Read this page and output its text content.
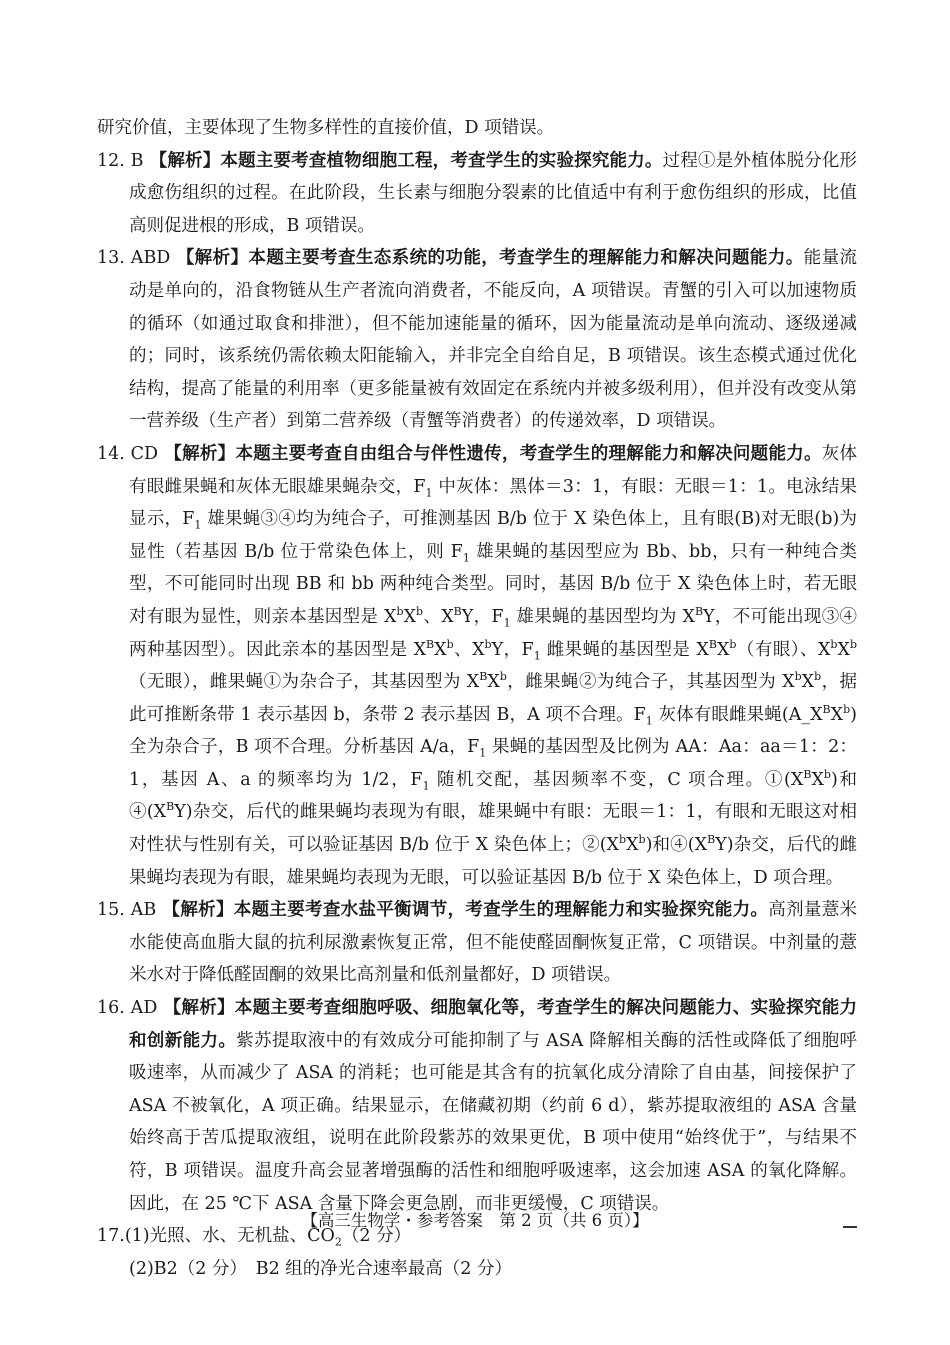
研究价值，主要体现了生物多样性的直接价值，D 项错误。

12. B 【解析】本题主要考查植物细胞工程，考查学生的实验探究能力。过程①是外植体脱分化形成愈伤组织的过程。在此阶段，生长素与细胞分裂素的比值适中有利于愈伤组织的形成，比值高则促进根的形成，B 项错误。

13. ABD 【解析】本题主要考查生态系统的功能，考查学生的理解能力和解决问题能力。能量流动是单向的，沿食物链从生产者流向消费者，不能反向，A 项错误。青蟹的引入可以加速物质的循环（如通过取食和排泄），但不能加速能量的循环，因为能量流动是单向流动、逐级递减的；同时，该系统仍需依赖太阳能输入，并非完全自给自足，B 项错误。该生态模式通过优化结构，提高了能量的利用率（更多能量被有效固定在系统内并被多级利用），但并没有改变从第一营养级（生产者）到第二营养级（青蟹等消费者）的传递效率，D 项错误。

14. CD 【解析】本题主要考查自由组合与伴性遗传，考查学生的理解能力和解决问题能力。灰体有眼雌果蝇和灰体无眼雄果蝇杂交，$F_1$ 中灰体：黑体＝3：1，有眼：无眼＝1：1。电泳结果显示，$F_1$ 雄果蝇③④均为纯合子，可推测基因 B/b 位于 X 染色体上，且有眼(B)对无眼(b)为显性（若基因 B/b 位于常染色体上，则 $F_1$ 雄果蝇的基因型应为 Bb、bb，只有一种纯合类型，不可能同时出现 BB 和 bb 两种纯合类型。同时，基因 B/b 位于 X 染色体上时，若无眼对有眼为显性，则亲本基因型是 $X^bX^b$、$X^BY$，$F_1$ 雄果蝇的基因型均为 $X^BY$，不可能出现③④两种基因型）。因此亲本的基因型是 $X^BX^b$、$X^bY$，$F_1$ 雌果蝇的基因型是 $X^BX^b$（有眼）、$X^bX^b$（无眼），雌果蝇①为杂合子，其基因型为 $X^BX^b$，雌果蝇②为纯合子，其基因型为 $X^bX^b$，据此可推断条带 1 表示基因 b，条带 2 表示基因 B，A 项不合理。$F_1$ 灰体有眼雌果蝇$(A\_X^BX^b)$全为杂合子，B 项不合理。分析基因 A/a，$F_1$ 果蝇的基因型及比例为 AA：Aa：aa＝1：2：1，基因 A、a 的频率均为 1/2，$F_1$ 随机交配，基因频率不变，C 项合理。$①(X^BX^b)$和$④(X^BY)$杂交，后代的雌果蝇均表现为有眼，雄果蝇中有眼：无眼＝1：1，有眼和无眼这对相对性状与性别有关，可以验证基因 B/b 位于 X 染色体上；$②(X^bX^b)$和$④(X^BY)$杂交，后代的雌果蝇均表现为有眼，雄果蝇均表现为无眼，可以验证基因 B/b 位于 X 染色体上，D 项合理。

15. AB 【解析】本题主要考查水盐平衡调节，考查学生的理解能力和实验探究能力。高剂量薏米水能使高血脂大鼠的抗利尿激素恢复正常，但不能使醛固酮恢复正常，C 项错误。中剂量的薏米水对于降低醛固酮的效果比高剂量和低剂量都好，D 项错误。

16. AD 【解析】本题主要考查细胞呼吸、细胞氧化等，考查学生的解决问题能力、实验探究能力和创新能力。紫苏提取液中的有效成分可能抑制了与 ASA 降解相关酶的活性或降低了细胞呼吸速率，从而减少了 ASA 的消耗；也可能是其含有的抗氧化成分清除了自由基，间接保护了 ASA 不被氧化，A 项正确。结果显示，在储藏初期（约前 6 d），紫苏提取液组的 ASA 含量始终高于苦瓜提取液组，说明在此阶段紫苏的效果更优，B 项中使用“始终优于”，与结果不符，B 项错误。温度升高会显著增强酶的活性和细胞呼吸速率，这会加速 ASA 的氧化降解。因此，在 25 ℃下 ASA 含量下降会更急剧，而非更缓慢，C 项错误。

17.(1)光照、水、无机盐、$CO_2(2$ 分）

(2)B2（2 分）　B2 组的净光合速率最高（2 分）

【高三生物学・参考答案　第 2 页（共 6 页）】
